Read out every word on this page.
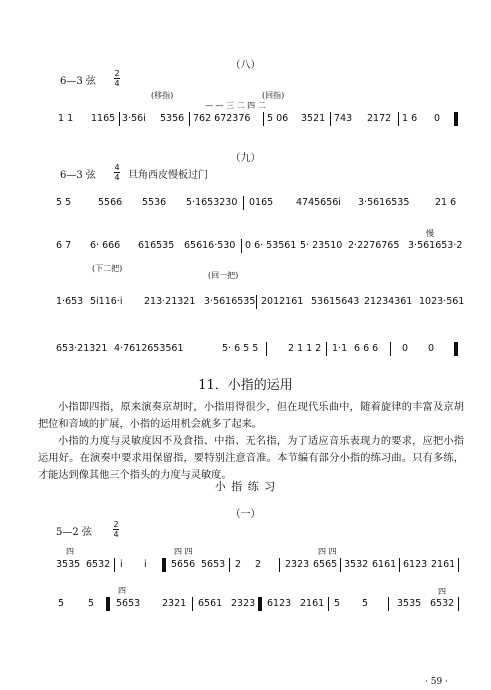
（八）
6—3 弦
2
4
(移指)	(回指)
— — 三 二 四 二
1 1 1165 3·56i 5356 762 672376 5 06 3521 743 2172 1 6 0
（九）
6—3 弦
4
4 旦角西皮慢板过门
5 5	5566 5536 5·1653230 0165 4745656i 3·5616535	21 6
慢
6 7 6· 666 616535 65616·530 0 6· 53561 5· 23510 2·2276765 3·561653·2
(下二把)
(回一把)
1·653 5i116·i 213·21321 3·5616535 2012161 53615643 21234361 1023·561
653·21321 4·7612653561	5· 6 5 5	2 1 1 2 1·1 6 6 6	0 0
11．小指的运用

小指即四指，原来演奏京胡时，小指用得很少，但在现代乐曲中，随着旋律的丰富及京胡把位和音域的扩展，小指的运用机会就多了起来。

小指的力度与灵敏度因不及食指、中指、无名指，为了适应音乐表现力的要求，应把小指运用好。在演奏中要求用保留指，要特别注意音准。本节编有部分小指的练习曲。只有多练，才能达到像其他三个指头的力度与灵敏度。

小 指 练 习
（一）
5—2 弦
2
4
四	四 四	四 四
3535 6532 i i	5656 5653 2 2	2323 6565 3532 6161 6123 2161
四	四
5	5 5653 2321 6561 2323 6123 2161 5 5	3535 6532
· 59 ·
